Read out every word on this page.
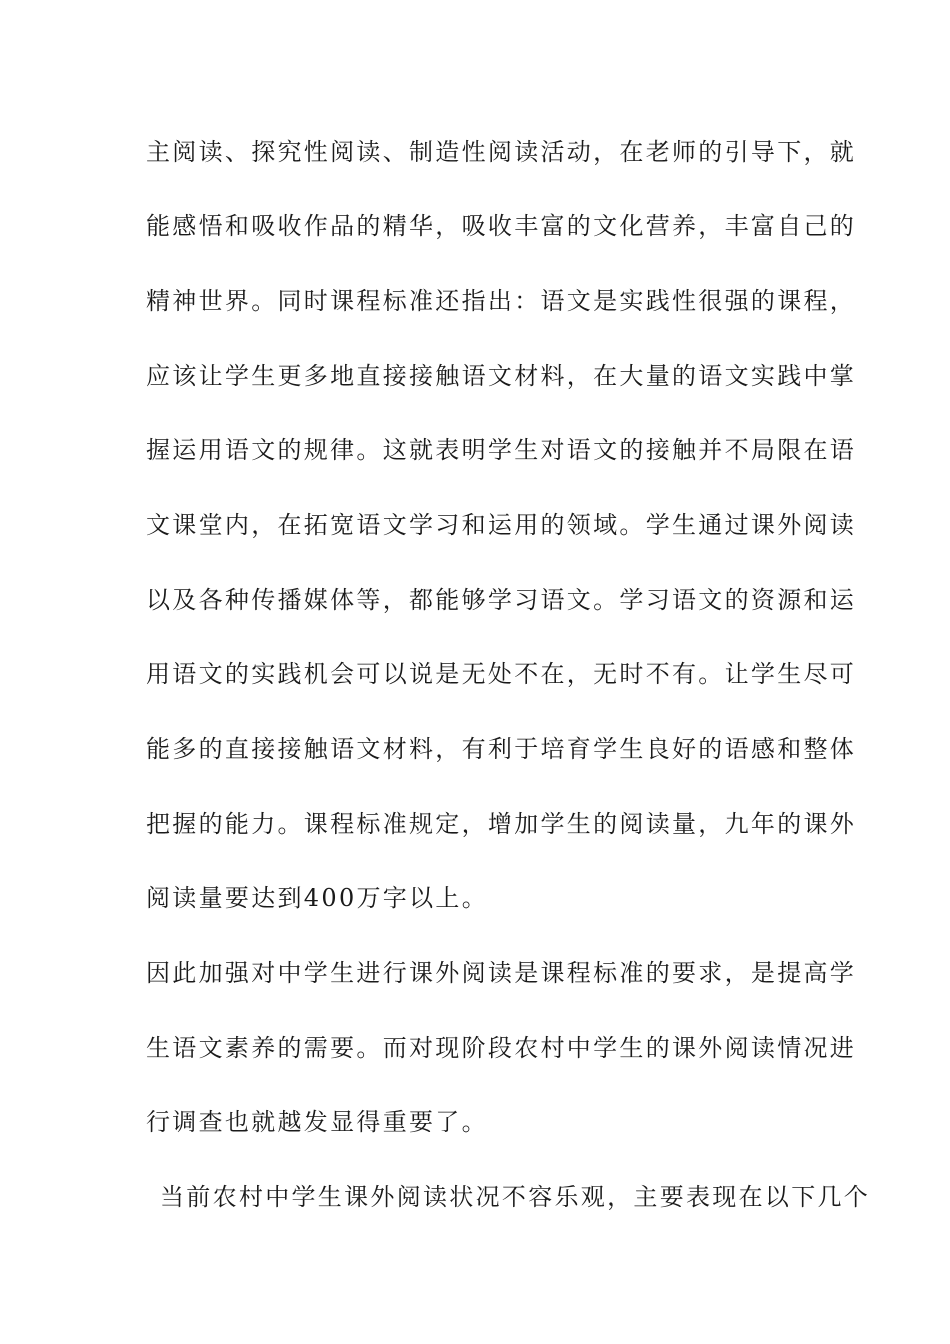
主阅读、探究性阅读、制造性阅读活动，在老师的引导下，就
能感悟和吸收作品的精华，吸收丰富的文化营养，丰富自己的
精神世界。同时课程标准还指出：语文是实践性很强的课程，
应该让学生更多地直接接触语文材料，在大量的语文实践中掌
握运用语文的规律。这就表明学生对语文的接触并不局限在语
文课堂内，在拓宽语文学习和运用的领域。学生通过课外阅读
以及各种传播媒体等，都能够学习语文。学习语文的资源和运
用语文的实践机会可以说是无处不在，无时不有。让学生尽可
能多的直接接触语文材料，有利于培育学生良好的语感和整体
把握的能力。课程标准规定，增加学生的阅读量，九年的课外
阅读量要达到400万字以上。
因此加强对中学生进行课外阅读是课程标准的要求，是提高学
生语文素养的需要。而对现阶段农村中学生的课外阅读情况进
行调查也就越发显得重要了。
当前农村中学生课外阅读状况不容乐观，主要表现在以下几个
